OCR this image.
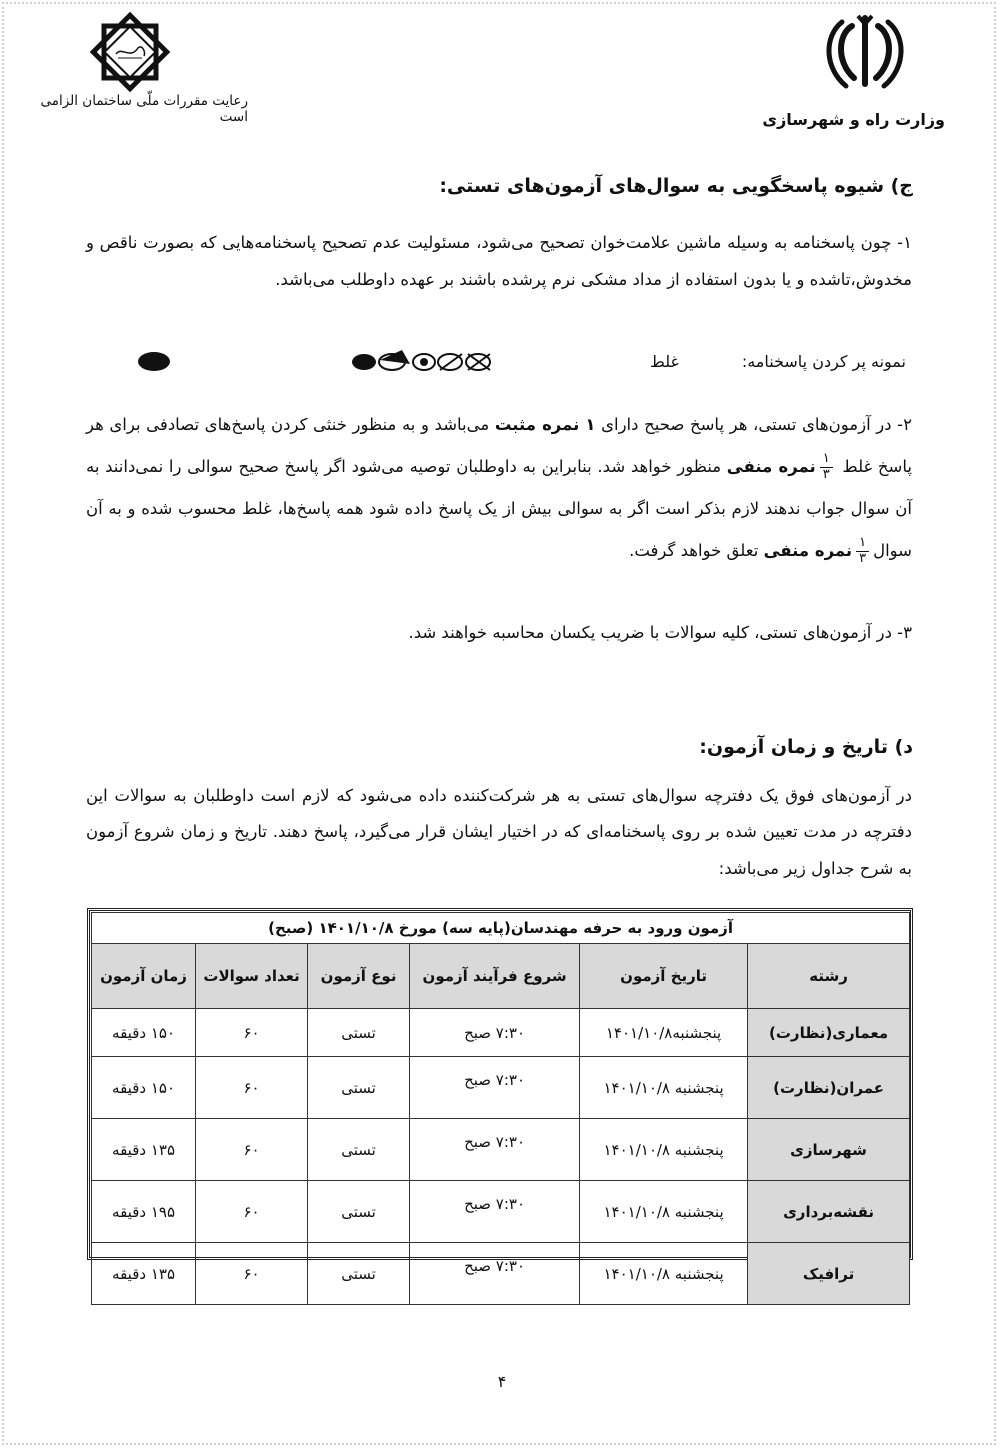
وزارت راه و شهرسازی
رعایت مقررات ملّی ساختمان الزامی است
ج) شیوه پاسخگویی به سوال‌های آزمون‌های تستی:
۱- چون پاسخنامه به وسیله ماشین علامت‌خوان تصحیح می‌شود، مسئولیت عدم تصحیح پاسخنامه‌هایی که بصورت ناقص و مخدوش،تاشده و یا بدون استفاده از مداد مشکی نرم پرشده باشند بر عهده داوطلب می‌باشد.
نمونه پر کردن پاسخنامه:
غلط
۲- در آزمون‌های تستی، هر پاسخ صحیح دارای ۱ نمره مثبت می‌باشد و به منظور خنثی کردن پاسخ‌های تصادفی برای هر پاسخ غلط
$\frac{۱}{۳}$
نمره منفی منظور خواهد شد. بنابراین به داوطلبان توصیه می‌شود اگر پاسخ صحیح سوالی را نمی‌دانند به آن سوال جواب ندهند لازم بذکر است اگر به سوالی بیش از یک پاسخ داده شود همه پاسخ‌ها، غلط محسوب شده و به آن سوال
$\frac{۱}{۳}$
نمره منفی تعلق خواهد گرفت.
۳- در آزمون‌های تستی، کلیه سوالات با ضریب یکسان محاسبه خواهند شد.
د) تاریخ و زمان آزمون:
در آزمون‌های فوق یک دفترچه سوال‌های تستی به هر شرکت‌کننده داده می‌شود که لازم است داوطلبان به سوالات این دفترچه در مدت تعیین شده بر روی پاسخنامه‌ای که در اختیار ایشان قرار می‌گیرد، پاسخ دهند. تاریخ و زمان شروع آزمون به شرح جداول زیر می‌باشد:
آزمون ورود به حرفه مهندسان(پایه سه) مورخ ۱۴۰۱/۱۰/۸ (صبح)					
رشته	تاریخ آزمون	شروع فرآیند آزمون	نوع آزمون	تعداد سوالات	زمان آزمون
معماری(نظارت)	پنجشنبه۱۴۰۱/۱۰/۸	۷:۳۰ صبح	تستی	۶۰	۱۵۰ دقیقه
عمران(نظارت)	پنجشنبه ۱۴۰۱/۱۰/۸	۷:۳۰ صبح	تستی	۶۰	۱۵۰ دقیقه
شهرسازی	پنجشنبه ۱۴۰۱/۱۰/۸	۷:۳۰ صبح	تستی	۶۰	۱۳۵ دقیقه
نقشه‌برداری	پنجشنبه ۱۴۰۱/۱۰/۸	۷:۳۰ صبح	تستی	۶۰	۱۹۵ دقیقه
ترافیک	پنجشنبه ۱۴۰۱/۱۰/۸	۷:۳۰ صبح	تستی	۶۰	۱۳۵ دقیقه
۴
